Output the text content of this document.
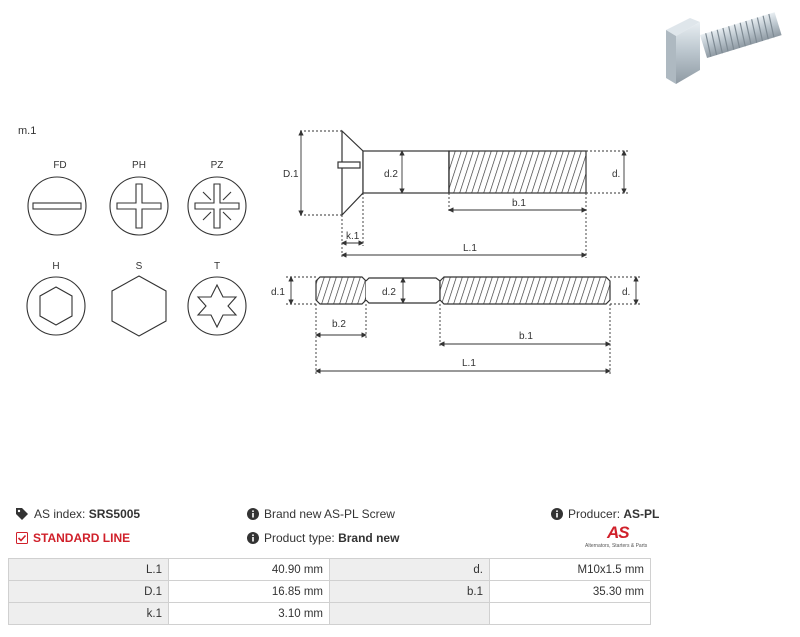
m.1
FD	PH	PZ
H	S	T
D.1	d.2	d.
b.1
k.1
L.1
d.1	d.2	d.
b.2
b.1
L.1
AS index: SRS5005
STANDARD LINE
Brand new AS-PL Screw
Product type: Brand new
Producer: AS-PL
AS
Alternators, Starters & Parts
L.1	40.90 mm	d.	M10x1.5 mm
D.1	16.85 mm	b.1	35.30 mm
k.1	3.10 mm		
